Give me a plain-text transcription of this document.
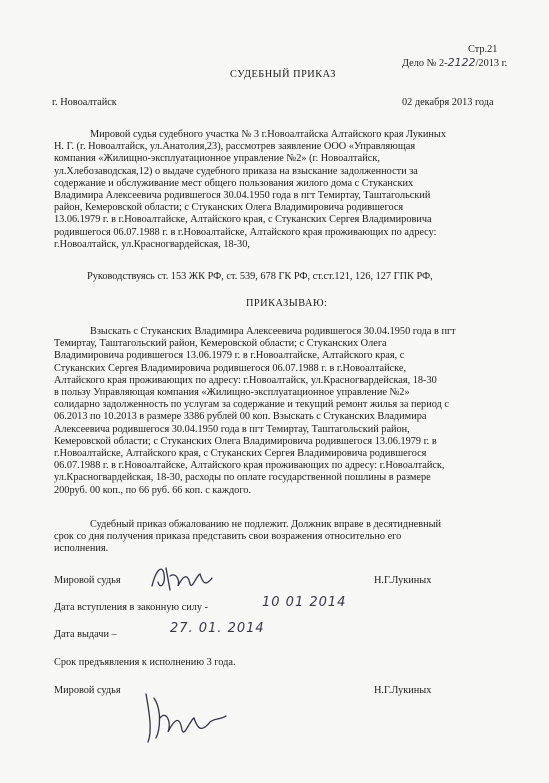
Стр.21
Дело № 2-2122/2013 г.
СУДЕБНЫЙ ПРИКАЗ
г. Новоалтайск	02 декабря 2013 года
Мировой судья судебного участка № 3 г.Новоалтайска Алтайского края Лукиных
Н. Г. (г. Новоалтайск, ул.Анатолия,23), рассмотрев заявление ООО «Управляющая
компания «Жилищно-эксплуатационное управление №2» (г. Новоалтайск,
ул.Хлебозаводская,12) о выдаче судебного приказа на взыскание задолженности за
содержание и обслуживание мест общего пользования жилого дома с Стуканских
Владимира Алексеевича родившегося 30.04.1950 года в пгт Темиртау, Таштагольский
район, Кемеровской области; с Стуканских Олега Владимировича родившегося
13.06.1979 г. в г.Новоалтайске, Алтайского края, с Стуканских Сергея Владимировича
родившегося 06.07.1988 г. в г.Новоалтайске, Алтайского края проживающих по адресу:
г.Новоалтайск, ул.Красногвардейская, 18-30,
Руководствуясь ст. 153 ЖК РФ, ст. 539, 678 ГК РФ, ст.ст.121, 126, 127 ГПК РФ,
ПРИКАЗЫВАЮ:
Взыскать с Стуканских Владимира Алексеевича родившегося 30.04.1950 года в пгт
Темиртау, Таштагольский район, Кемеровской области; с Стуканских Олега
Владимировича родившегося 13.06.1979 г. в г.Новоалтайске, Алтайского края, с
Стуканских Сергея Владимировича родившегося 06.07.1988 г. в г.Новоалтайске,
Алтайского края проживающих по адресу: г.Новоалтайск, ул.Красногвардейская, 18-30
в пользу Управляющая компания «Жилищно-эксплуатационное управление №2»
солидарно задолженность по услугам за содержание и текущий ремонт жилья за период с
06.2013 по 10.2013 в размере 3386 рублей 00 коп. Взыскать с Стуканских Владимира
Алексеевича родившегося 30.04.1950 года в пгт Темиртау, Таштагольский район,
Кемеровской области; с Стуканских Олега Владимировича родившегося 13.06.1979 г. в
г.Новоалтайске, Алтайского края, с Стуканских Сергея Владимировича родившегося
06.07.1988 г. в г.Новоалтайске, Алтайского края проживающих по адресу: г.Новоалтайск,
ул.Красногвардейская, 18-30, расходы по оплате государственной пошлины в размере
200руб. 00 коп., по 66 руб. 66 коп. с каждого.
Судебный приказ обжалованию не подлежит. Должник вправе в десятидневный
срок со дня получения приказа представить свои возражения относительно его
исполнения.
Мировой судья	Н.Г.Лукиных
Дата вступления в законную силу -	10 01 2014
Дата выдачи –	27. 01. 2014
Срок предъявления к исполнению 3 года.
Мировой судья	Н.Г.Лукиных
